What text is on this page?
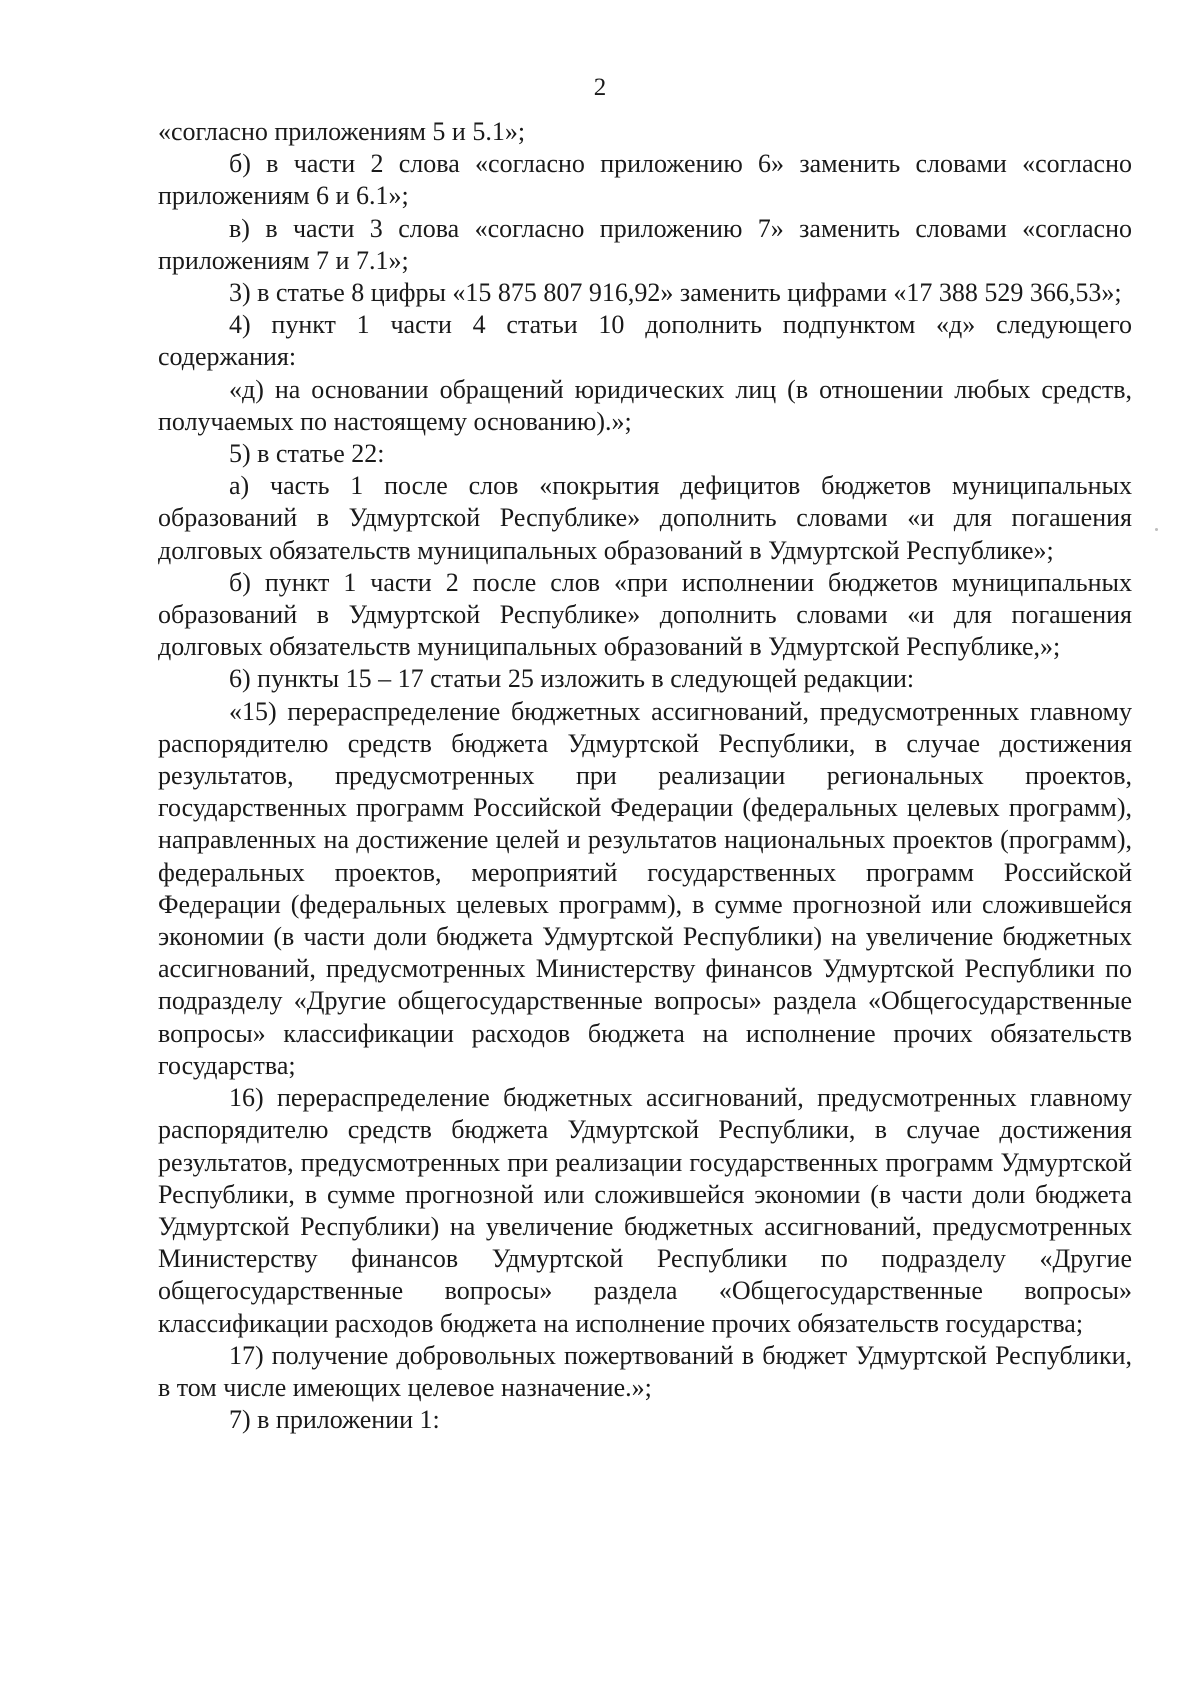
2

«согласно приложениям 5 и 5.1»;

б) в части 2 слова «согласно приложению 6» заменить словами «согласно приложениям 6 и 6.1»;

в) в части 3 слова «согласно приложению 7» заменить словами «согласно приложениям 7 и 7.1»;

3) в статье 8 цифры «15 875 807 916,92» заменить цифрами «17 388 529 366,53»;

4) пункт 1 части 4 статьи 10 дополнить подпунктом «д» следующего содержания:

«д) на основании обращений юридических лиц (в отношении любых средств, получаемых по настоящему основанию).»;

5) в статье 22:

а) часть 1 после слов «покрытия дефицитов бюджетов муниципальных образований в Удмуртской Республике» дополнить словами «и для погашения долговых обязательств муниципальных образований в Удмуртской Республике»;

б) пункт 1 части 2 после слов «при исполнении бюджетов муниципальных образований в Удмуртской Республике» дополнить словами «и для погашения долговых обязательств муниципальных образований в Удмуртской Республике,»;

6) пункты 15 – 17 статьи 25 изложить в следующей редакции:

«15) перераспределение бюджетных ассигнований, предусмотренных главному распорядителю средств бюджета Удмуртской Республики, в случае достижения результатов, предусмотренных при реализации региональных проектов, государственных программ Российской Федерации (федеральных целевых программ), направленных на достижение целей и результатов национальных проектов (программ), федеральных проектов, мероприятий государственных программ Российской Федерации (федеральных целевых программ), в сумме прогнозной или сложившейся экономии (в части доли бюджета Удмуртской Республики) на увеличение бюджетных ассигнований, предусмотренных Министерству финансов Удмуртской Республики по подразделу «Другие общегосударственные вопросы» раздела «Общегосударственные вопросы» классификации расходов бюджета на исполнение прочих обязательств государства;

16) перераспределение бюджетных ассигнований, предусмотренных главному распорядителю средств бюджета Удмуртской Республики, в случае достижения результатов, предусмотренных при реализации государственных программ Удмуртской Республики, в сумме прогнозной или сложившейся экономии (в части доли бюджета Удмуртской Республики) на увеличение бюджетных ассигнований, предусмотренных Министерству финансов Удмуртской Республики по подразделу «Другие общегосударственные вопросы» раздела «Общегосударственные вопросы» классификации расходов бюджета на исполнение прочих обязательств государства;

17) получение добровольных пожертвований в бюджет Удмуртской Республики, в том числе имеющих целевое назначение.»;

7) в приложении 1:
